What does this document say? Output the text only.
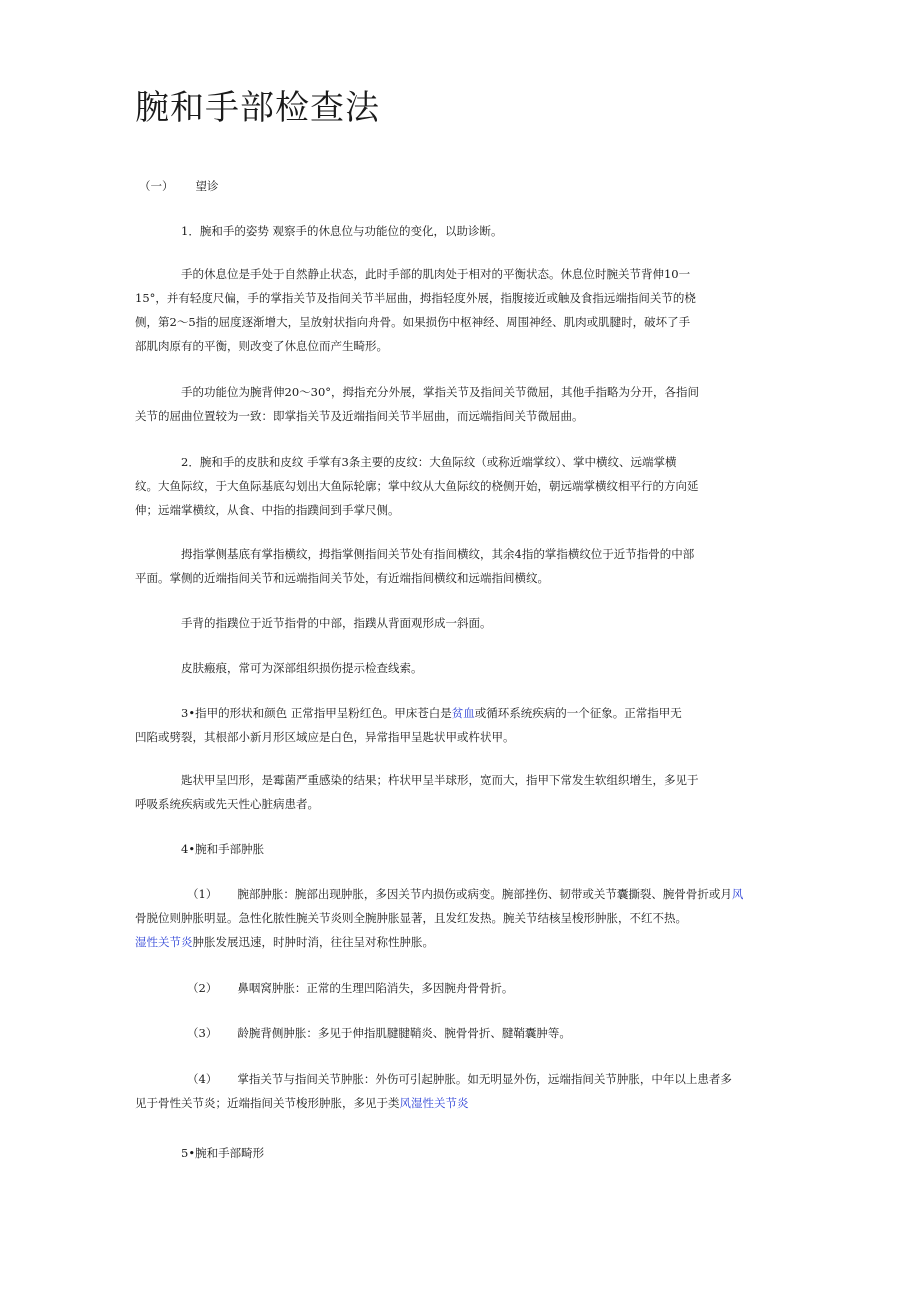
腕和手部检查法

（一） 望诊

1．腕和手的姿势 观察手的休息位与功能位的变化，以助诊断。

手的休息位是手处于自然静止状态，此时手部的肌肉处于相对的平衡状态。休息位时腕关节背伸10一
15°，并有轻度尺偏，手的掌指关节及指间关节半屈曲，拇指轻度外展，指腹接近或触及食指远端指间关节的桡
侧，第2～5指的屈度逐渐增大，呈放射状指向舟骨。如果损伤中枢神经、周围神经、肌肉或肌腱时，破坏了手
部肌肉原有的平衡，则改变了休息位而产生畸形。

手的功能位为腕背伸20～30°，拇指充分外展，掌指关节及指间关节微屈，其他手指略为分开，各指间
关节的屈曲位置较为一致：即掌指关节及近端指间关节半屈曲，而远端指间关节微屈曲。

2．腕和手的皮肤和皮纹 手掌有3条主要的皮纹：大鱼际纹（或称近端掌纹）、掌中横纹、远端掌横
纹。大鱼际纹，于大鱼际基底勾划出大鱼际轮廓；掌中纹从大鱼际纹的桡侧开始，朝远端掌横纹相平行的方向延
伸；远端掌横纹，从食、中指的指蹼间到手掌尺侧。

拇指掌侧基底有掌指横纹，拇指掌侧指间关节处有指间横纹，其余4指的掌指横纹位于近节指骨的中部
平面。掌侧的近端指间关节和远端指间关节处，有近端指间横纹和远端指间横纹。

手背的指蹼位于近节指骨的中部，指蹼从背面观形成一斜面。

皮肤瘢痕，常可为深部组织损伤提示检查线索。

3•指甲的形状和颜色 正常指甲呈粉红色。甲床苍白是贫血或循环系统疾病的一个征象。正常指甲无
凹陷或劈裂，其根部小新月形区域应是白色，异常指甲呈匙状甲或杵状甲。

匙状甲呈凹形，是霉菌严重感染的结果；杵状甲呈半球形，宽而大，指甲下常发生软组织增生，多见于
呼吸系统疾病或先天性心脏病患者。

4•腕和手部肿胀

（1） 腕部肿胀：腕部出现肿胀，多因关节内损伤或病变。腕部挫伤、韧带或关节囊撕裂、腕骨骨折或月风
骨脱位则肿胀明显。急性化脓性腕关节炎则全腕肿胀显著，且发红发热。腕关节结核呈梭形肿胀，不红不热。
湿性关节炎肿胀发展迅速，时肿时消，往往呈对称性肿胀。

（2） 鼻咽窝肿胀：正常的生理凹陷消失，多因腕舟骨骨折。

（3） 龄腕背侧肿胀：多见于伸指肌腱腱鞘炎、腕骨骨折、腱鞘囊肿等。

（4） 掌指关节与指间关节肿胀：外伤可引起肿胀。如无明显外伤，远端指间关节肿胀，中年以上患者多
见于骨性关节炎；近端指间关节梭形肿胀，多见于类风湿性关节炎

5•腕和手部畸形
